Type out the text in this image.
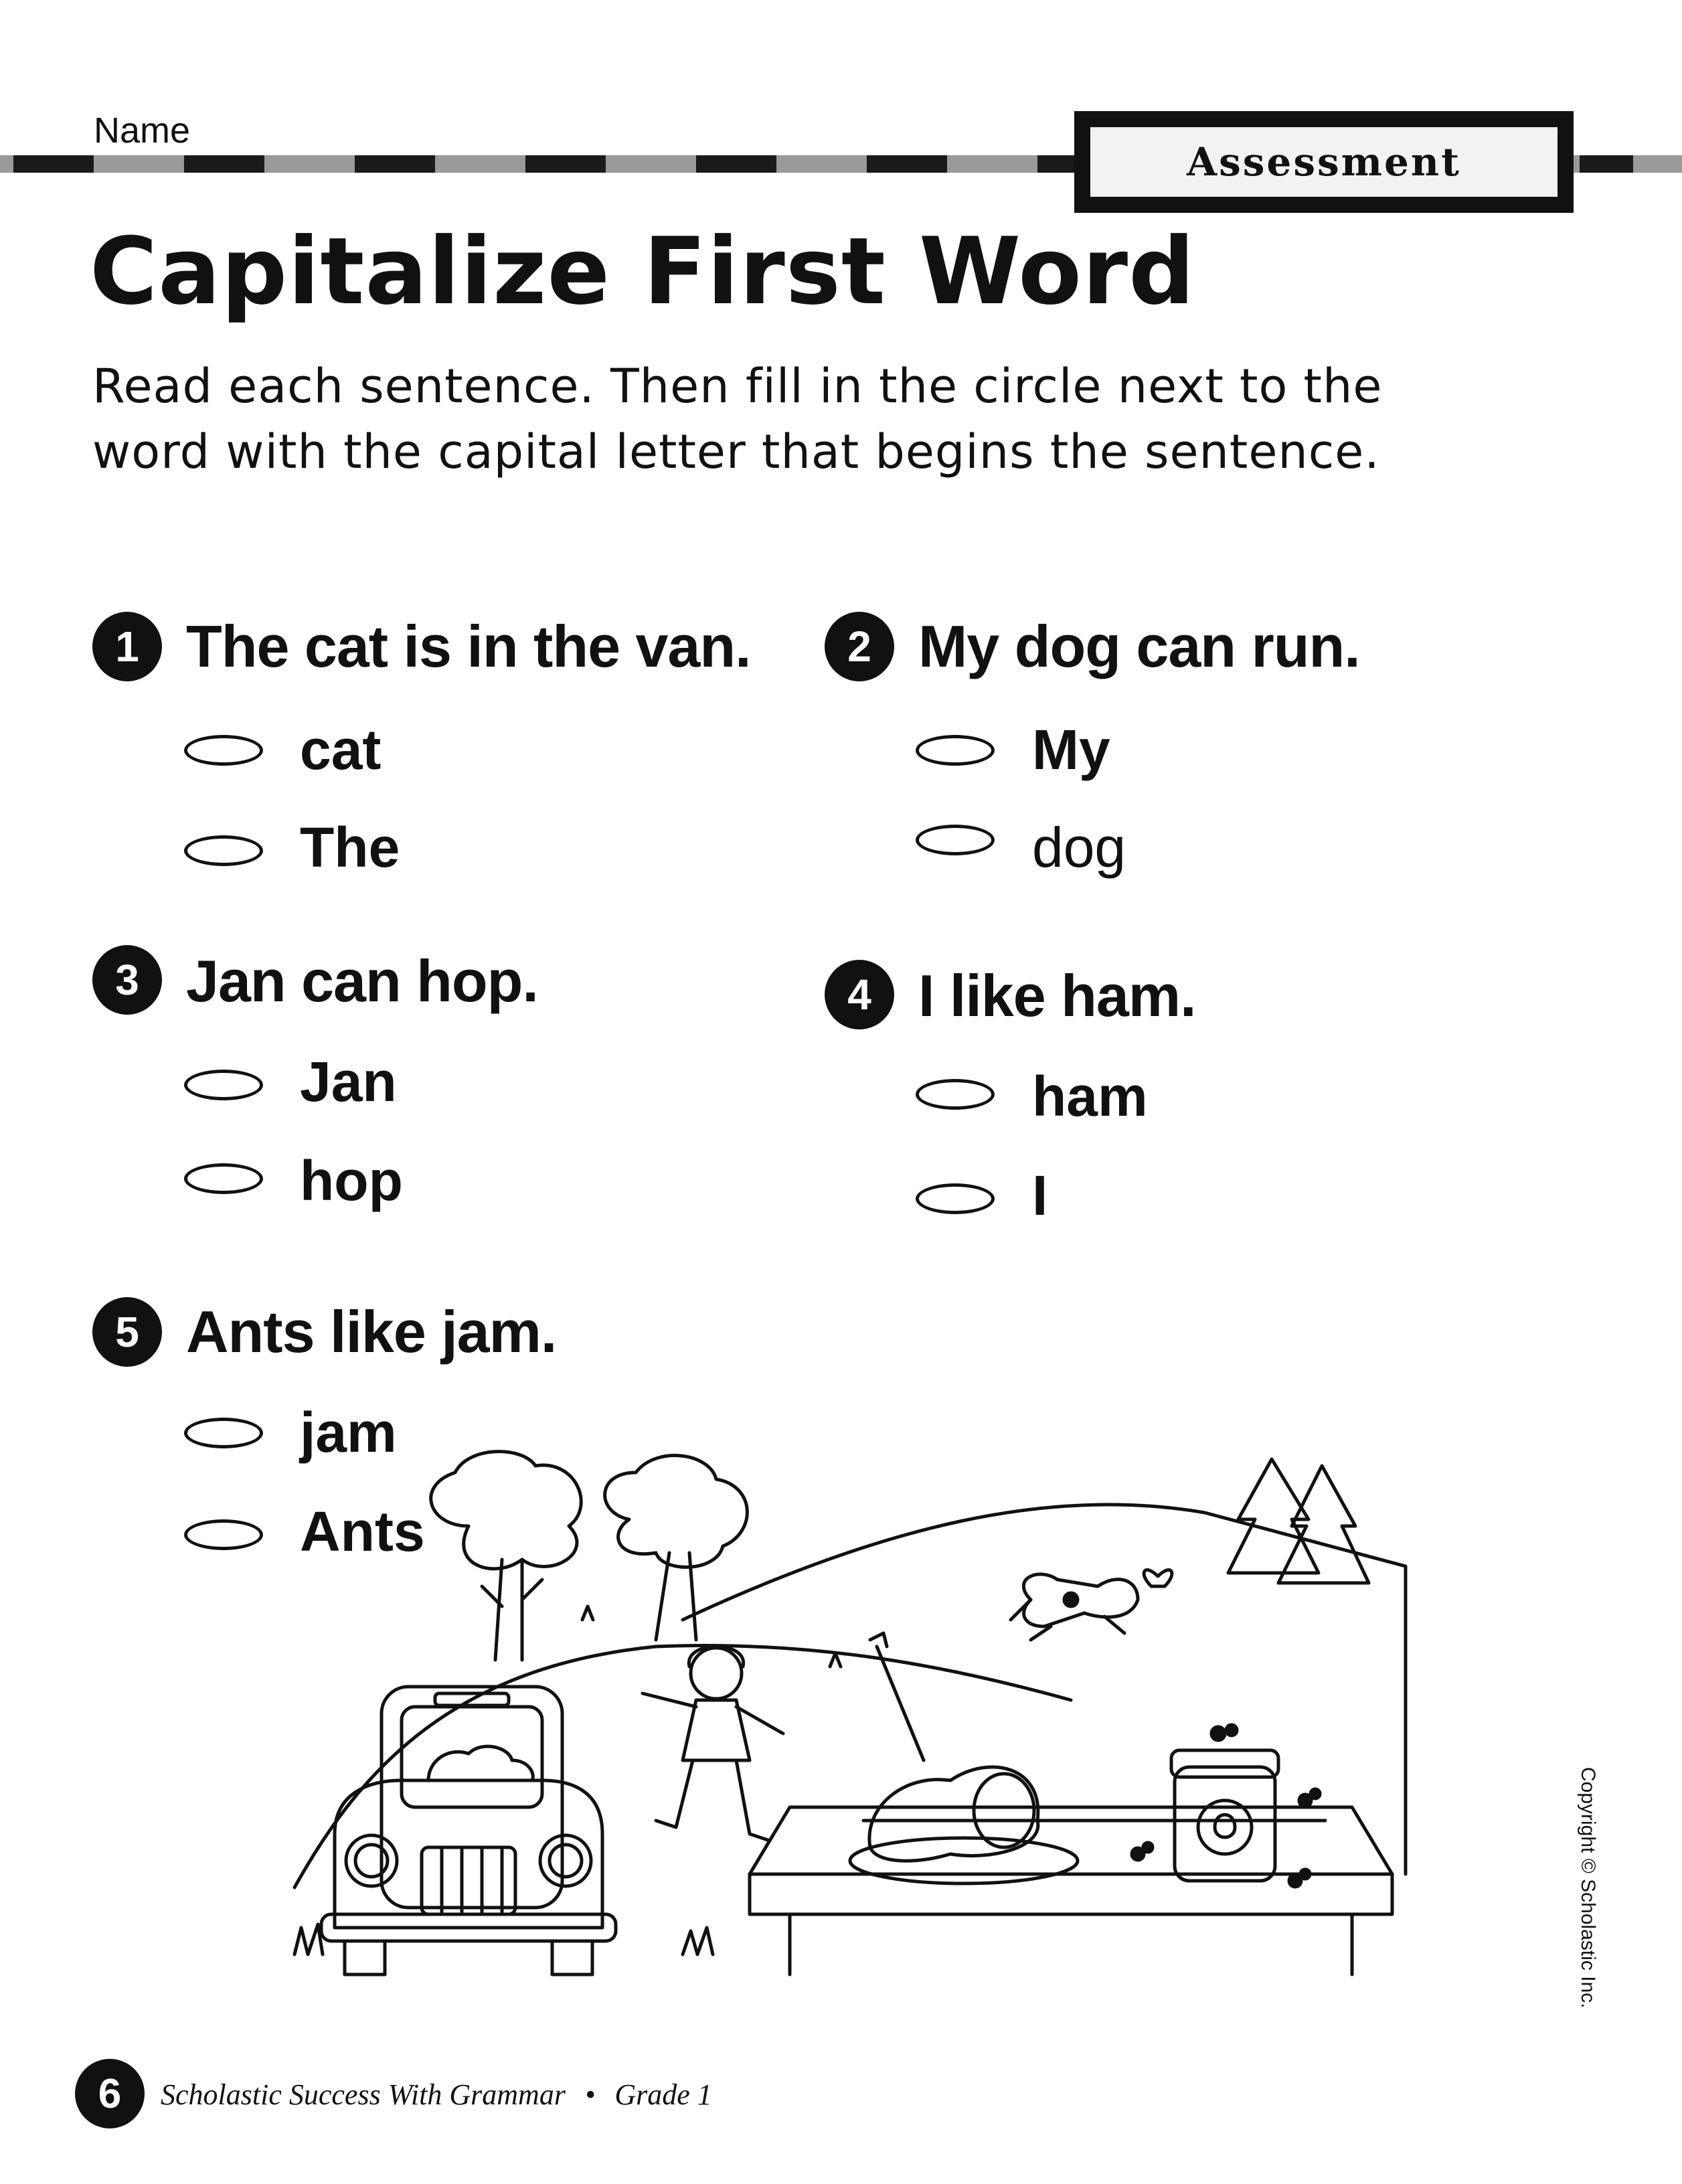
Name
Assessment
Capitalize First Word
Read each sentence. Then fill in the circle next to the
word with the capital letter that begins the sentence.
1 The cat is in the van.
cat
The
2 My dog can run.
My
dog
3 Jan can hop.
Jan
hop
4 I like ham.
ham
I
5 Ants like jam.
jam
Ants
6	Scholastic Success With Grammar • Grade 1
Copyright © Scholastic Inc.
